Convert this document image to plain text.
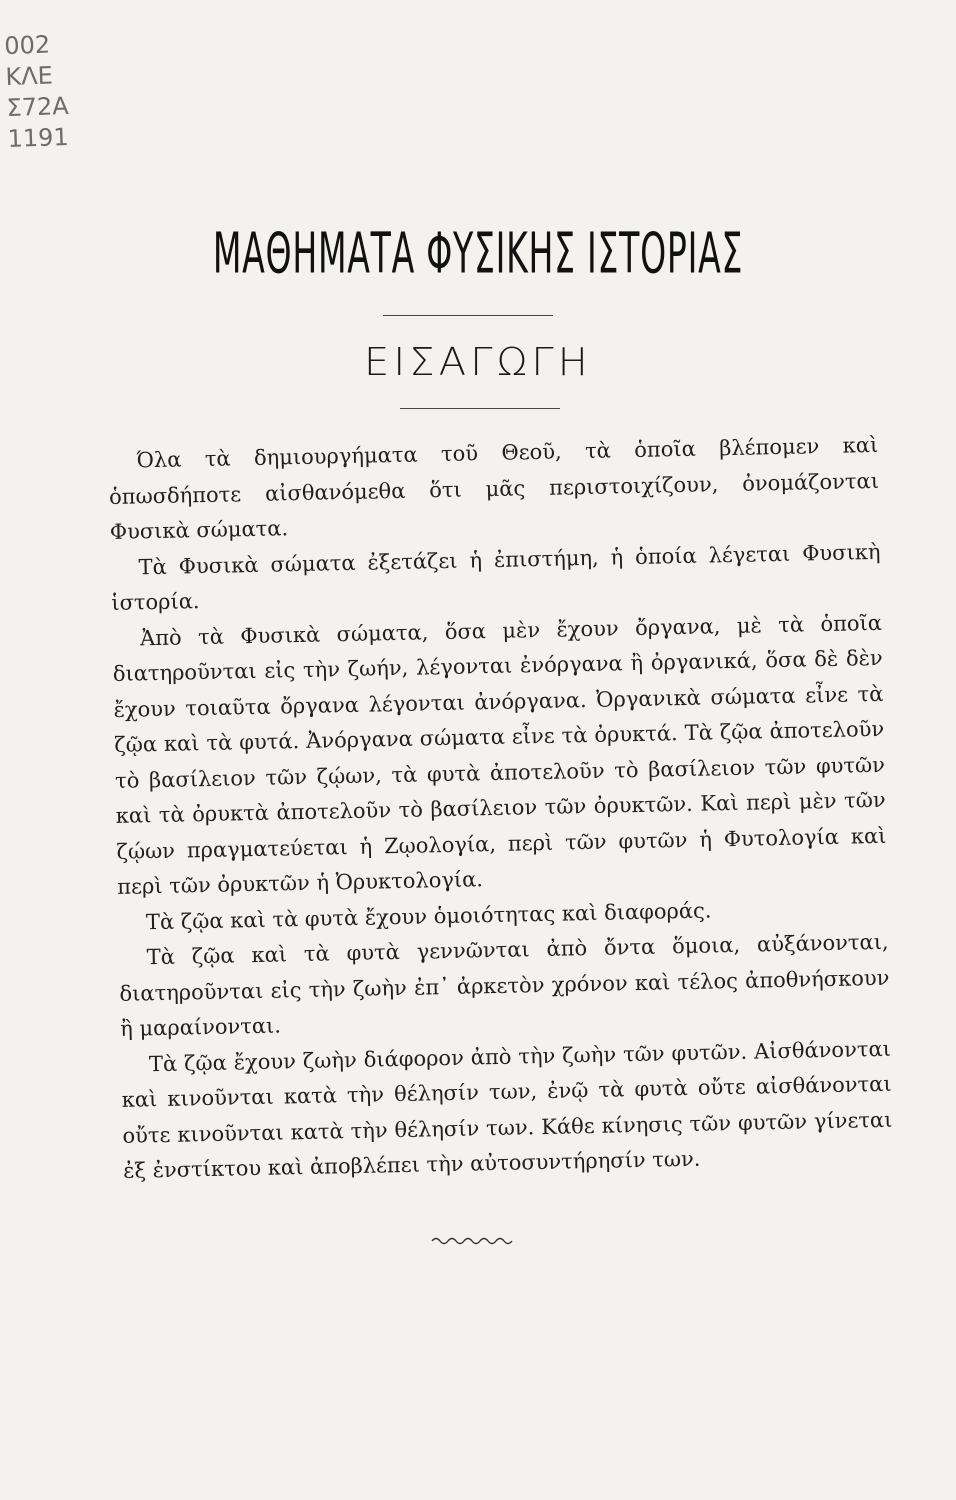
002
ΚΛΕ
Σ72Α
1191
ΜΑΘΗΜΑΤΑ ΦΥΣΙΚΗΣ ΙΣΤΟΡΙΑΣ
ΕΙΣΑΓΩΓΗ

Όλα τὰ δημιουργήματα τοῦ Θεοῦ, τὰ ὁποῖα βλέπομεν καὶ ὁπωσδήποτε αἰσθανόμεθα ὅτι μᾶς περιστοιχίζουν, ὀνομάζονται Φυσικὰ σώματα.

Τὰ Φυσικὰ σώματα ἐξετάζει ἡ ἐπιστήμη, ἡ ὁποία λέγεται Φυσικὴ ἱστορία.

Ἀπὸ τὰ Φυσικὰ σώματα, ὅσα μὲν ἔχουν ὄργανα, μὲ τὰ ὁποῖα διατηροῦνται εἰς τὴν ζωήν, λέγονται ἐνόργανα ἢ ὀργανικά, ὅσα δὲ δὲν ἔχουν τοιαῦτα ὄργανα λέγονται ἀνόργανα. Ὀργανικὰ σώματα εἶνε τὰ ζῷα καὶ τὰ φυτά. Ἀνόργανα σώματα εἶνε τὰ ὀρυκτά. Τὰ ζῷα ἀποτελοῦν τὸ βασίλειον τῶν ζῴων, τὰ φυτὰ ἀποτελοῦν τὸ βασίλειον τῶν φυτῶν καὶ τὰ ὀρυκτὰ ἀποτελοῦν τὸ βασίλειον τῶν ὀρυκτῶν. Καὶ περὶ μὲν τῶν ζῴων πραγματεύεται ἡ Ζῳολογία, περὶ τῶν φυτῶν ἡ Φυτολογία καὶ περὶ τῶν ὀρυκτῶν ἡ Ὀρυκτολογία.

Τὰ ζῷα καὶ τὰ φυτὰ ἔχουν ὁμοιότητας καὶ διαφοράς.

Τὰ ζῷα καὶ τὰ φυτὰ γεννῶνται ἀπὸ ὄντα ὅμοια, αὐξάνονται, διατηροῦνται εἰς τὴν ζωὴν ἐπ᾽ ἀρκετὸν χρόνον καὶ τέλος ἀποθνήσκουν ἢ μαραίνονται.

Τὰ ζῷα ἔχουν ζωὴν διάφορον ἀπὸ τὴν ζωὴν τῶν φυτῶν. Αἰσθάνονται καὶ κινοῦνται κατὰ τὴν θέλησίν των, ἐνῷ τὰ φυτὰ οὔτε αἰσθάνονται οὔτε κινοῦνται κατὰ τὴν θέλησίν των. Κάθε κίνησις τῶν φυτῶν γίνεται ἐξ ἐνστίκτου καὶ ἀποβλέπει τὴν αὐτοσυντήρησίν των.
